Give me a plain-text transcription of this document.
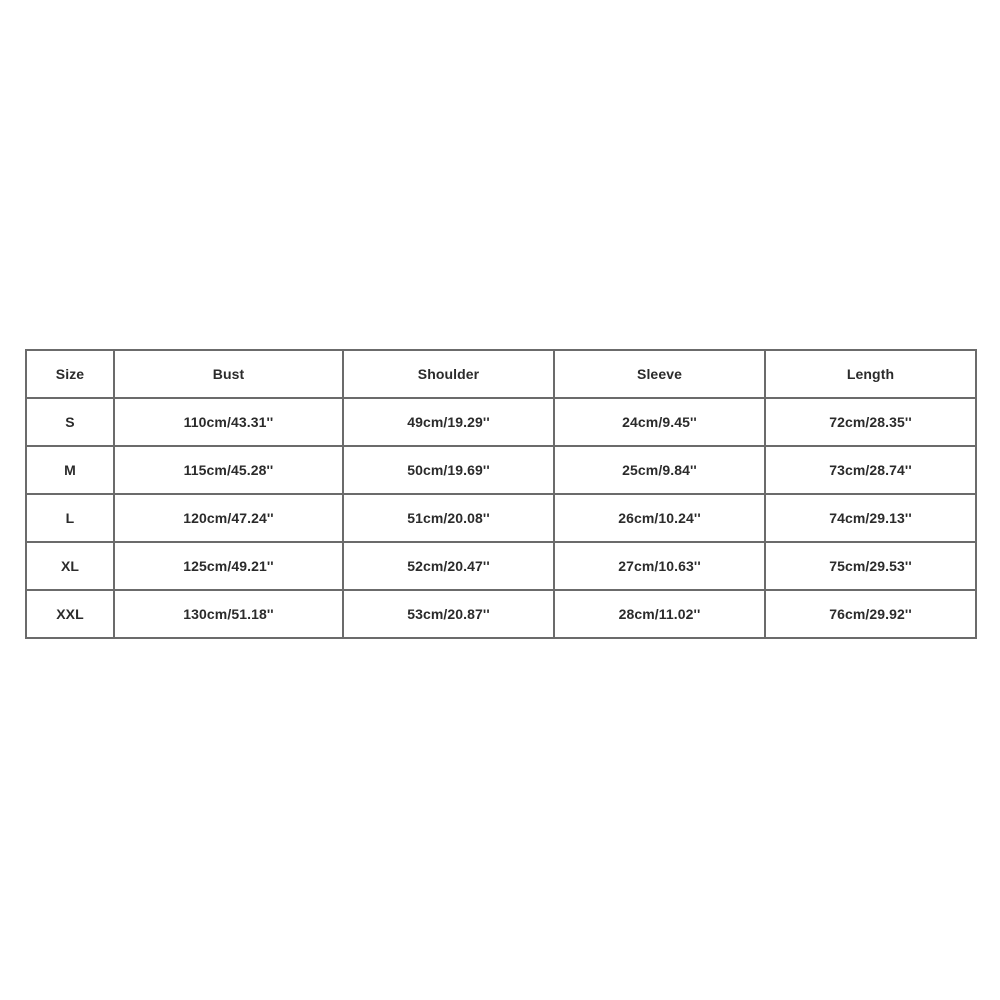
Size	Bust	Shoulder	Sleeve	Length
S	110cm/43.31''	49cm/19.29''	24cm/9.45''	72cm/28.35''
M	115cm/45.28''	50cm/19.69''	25cm/9.84''	73cm/28.74''
L	120cm/47.24''	51cm/20.08''	26cm/10.24''	74cm/29.13''
XL	125cm/49.21''	52cm/20.47''	27cm/10.63''	75cm/29.53''
XXL	130cm/51.18''	53cm/20.87''	28cm/11.02''	76cm/29.92''
